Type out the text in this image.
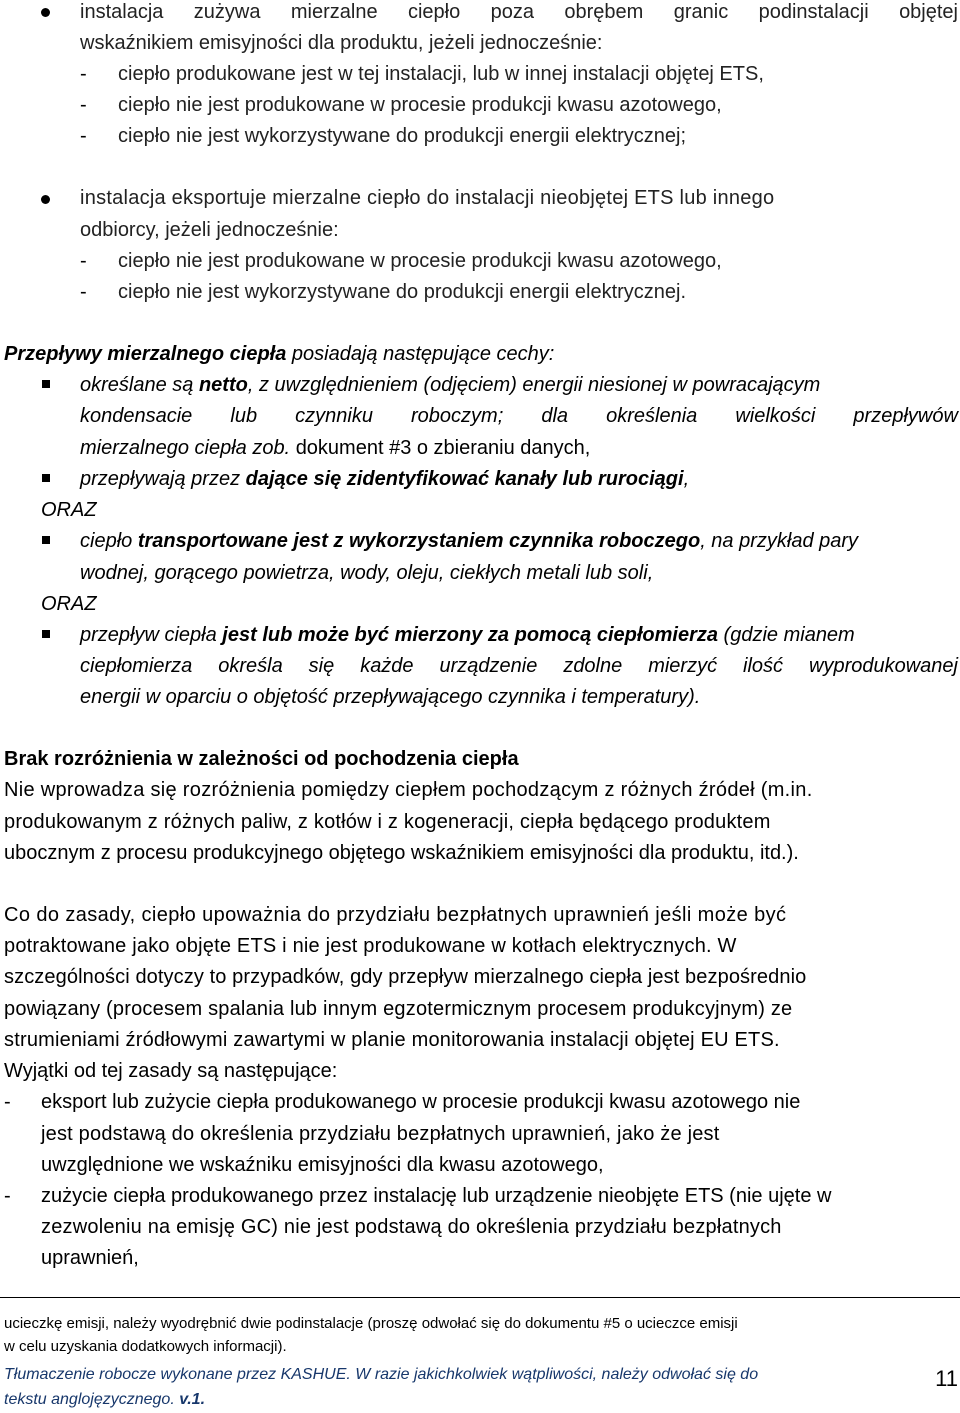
instalacja zużywa mierzalne ciepło poza obrębem granic podinstalacji objętej
wskaźnikiem emisyjności dla produktu, jeżeli jednocześnie:
- ciepło produkowane jest w tej instalacji, lub w innej instalacji objętej ETS,
- ciepło nie jest produkowane w procesie produkcji kwasu azotowego,
- ciepło nie jest wykorzystywane do produkcji energii elektrycznej;
instalacja eksportuje mierzalne ciepło do instalacji nieobjętej ETS lub innego
odbiorcy, jeżeli jednocześnie:
- ciepło nie jest produkowane w procesie produkcji kwasu azotowego,
- ciepło nie jest wykorzystywane do produkcji energii elektrycznej.
Przepływy mierzalnego ciepła posiadają następujące cechy:
określane są netto, z uwzględnieniem (odjęciem) energii niesionej w powracającym
kondensacie lub czynniku roboczym; dla określenia wielkości przepływów
mierzalnego ciepła zob. dokument #3 o zbieraniu danych,
przepływają przez dające się zidentyfikować kanały lub rurociągi,
ORAZ
ciepło transportowane jest z wykorzystaniem czynnika roboczego, na przykład pary
wodnej, gorącego powietrza, wody, oleju, ciekłych metali lub soli,
ORAZ
przepływ ciepła jest lub może być mierzony za pomocą ciepłomierza (gdzie mianem
ciepłomierza określa się każde urządzenie zdolne mierzyć ilość wyprodukowanej
energii w oparciu o objętość przepływającego czynnika i temperatury).
Brak rozróżnienia w zależności od pochodzenia ciepła
Nie wprowadza się rozróżnienia pomiędzy ciepłem pochodzącym z różnych źródeł (m.in.
produkowanym z różnych paliw, z kotłów i z kogeneracji, ciepła będącego produktem
ubocznym z procesu produkcyjnego objętego wskaźnikiem emisyjności dla produktu, itd.).
Co do zasady, ciepło upoważnia do przydziału bezpłatnych uprawnień jeśli może być
potraktowane jako objęte ETS i nie jest produkowane w kotłach elektrycznych. W
szczególności dotyczy to przypadków, gdy przepływ mierzalnego ciepła jest bezpośrednio
powiązany (procesem spalania lub innym egzotermicznym procesem produkcyjnym) ze
strumieniami źródłowymi zawartymi w planie monitorowania instalacji objętej EU ETS.
Wyjątki od tej zasady są następujące:
- eksport lub zużycie ciepła produkowanego w procesie produkcji kwasu azotowego nie
jest podstawą do określenia przydziału bezpłatnych uprawnień, jako że jest
uwzględnione we wskaźniku emisyjności dla kwasu azotowego,
- zużycie ciepła produkowanego przez instalację lub urządzenie nieobjęte ETS (nie ujęte w
zezwoleniu na emisję GC) nie jest podstawą do określenia przydziału bezpłatnych
uprawnień,
ucieczkę emisji, należy wyodrębnić dwie podinstalacje (proszę odwołać się do dokumentu #5 o ucieczce emisji
w celu uzyskania dodatkowych informacji).
Tłumaczenie robocze wykonane przez KASHUE. W razie jakichkolwiek wątpliwości, należy odwołać się do
tekstu anglojęzycznego. v.1.
11
